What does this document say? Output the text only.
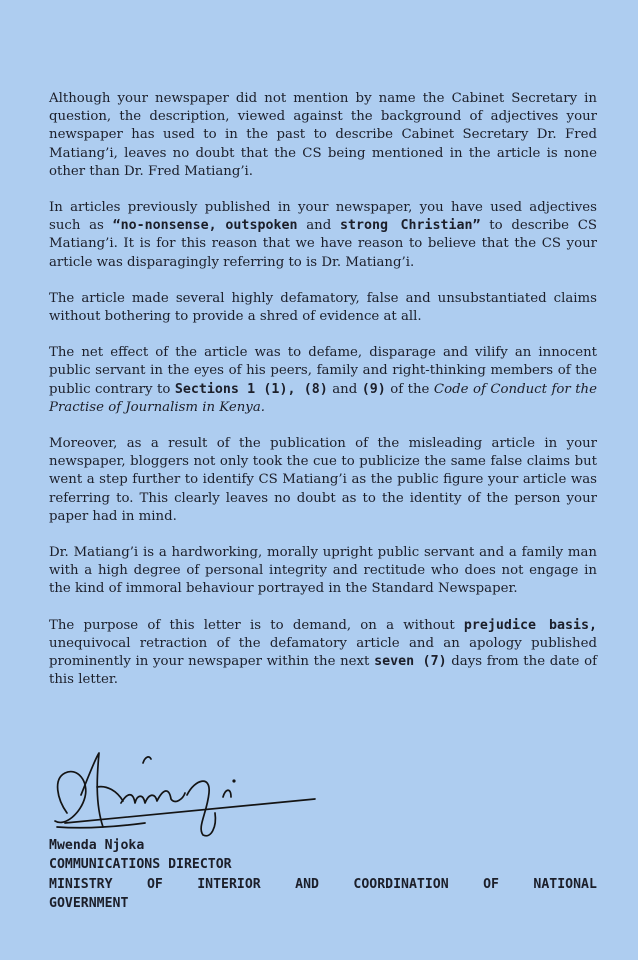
Although your newspaper did not mention by name the Cabinet Secretary in question, the description, viewed against the background of adjectives your newspaper has used to in the past to describe Cabinet Secretary Dr. Fred Matiang’i, leaves no doubt that the CS being mentioned in the article is none other than Dr. Fred Matiang’i.

In articles previously published in your newspaper, you have used adjectives such as “no-nonsense, outspoken and strong Christian” to describe CS Matiang’i. It is for this reason that we have reason to believe that the CS your article was disparagingly referring to is Dr. Matiang’i.

The article made several highly defamatory, false and unsubstantiated claims without bothering to provide a shred of evidence at all.

The net effect of the article was to defame, disparage and vilify an innocent public servant in the eyes of his peers, family and right-thinking members of the public contrary to Sections 1 (1), (8) and (9) of the Code of Conduct for the Practise of Journalism in Kenya.

Moreover, as a result of the publication of the misleading article in your newspaper, bloggers not only took the cue to publicize the same false claims but went a step further to identify CS Matiang’i as the public figure your article was referring to. This clearly leaves no doubt as to the identity of the person your paper had in mind.

Dr. Matiang’i is a hardworking, morally upright public servant and a family man with a high degree of personal integrity and rectitude who does not engage in the kind of immoral behaviour portrayed in the Standard Newspaper.

The purpose of this letter is to demand, on a without prejudice basis, unequivocal retraction of the defamatory article and an apology published prominently in your newspaper within the next seven (7) days from the date of this letter.

Mwenda Njoka
COMMUNICATIONS DIRECTOR
MINISTRY	OF	INTERIOR	AND	COORDINATION	OF	NATIONAL
GOVERNMENT
